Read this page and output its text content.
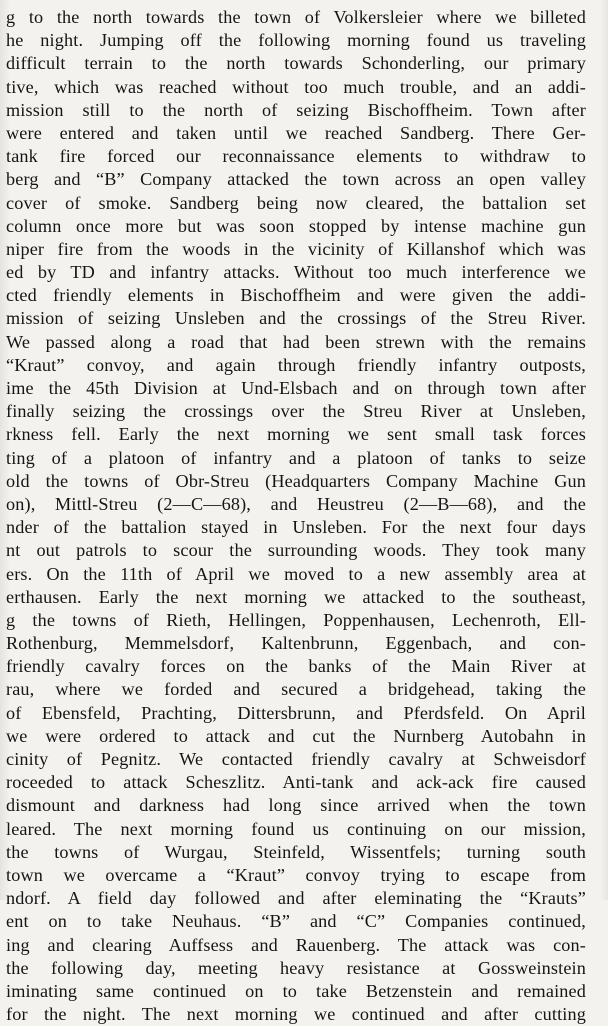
g to the north towards the town of Volkersleier where we billeted
he night. Jumping off the following morning found us traveling
difficult terrain to the north towards Schonderling, our primary
tive, which was reached without too much trouble, and an addi-
mission still to the north of seizing Bischoffheim. Town after
were entered and taken until we reached Sandberg. There Ger-
tank fire forced our reconnaissance elements to withdraw to
berg and “B” Company attacked the town across an open valley
cover of smoke. Sandberg being now cleared, the battalion set
column once more but was soon stopped by intense machine gun
niper fire from the woods in the vicinity of Killanshof which was
ed by TD and infantry attacks. Without too much interference we
cted friendly elements in Bischoffheim and were given the addi-
mission of seizing Unsleben and the crossings of the Streu River.
We passed along a road that had been strewn with the remains
“Kraut” convoy, and again through friendly infantry outposts,
ime the 45th Division at Und-Elsbach and on through town after
finally seizing the crossings over the Streu River at Unsleben,
rkness fell. Early the next morning we sent small task forces
ting of a platoon of infantry and a platoon of tanks to seize
old the towns of Obr-Streu (Headquarters Company Machine Gun
on), Mittl-Streu (2—C—68), and Heustreu (2—B—68), and the
nder of the battalion stayed in Unsleben. For the next four days
nt out patrols to scour the surrounding woods. They took many
ers. On the 11th of April we moved to a new assembly area at
erthausen. Early the next morning we attacked to the southeast,
g the towns of Rieth, Hellingen, Poppenhausen, Lechenroth, Ell-
Rothenburg, Memmelsdorf, Kaltenbrunn, Eggenbach, and con-
friendly cavalry forces on the banks of the Main River at
rau, where we forded and secured a bridgehead, taking the
of Ebensfeld, Prachting, Dittersbrunn, and Pferdsfeld. On April
we were ordered to attack and cut the Nurnberg Autobahn in
cinity of Pegnitz. We contacted friendly cavalry at Schweisdorf
roceeded to attack Scheszlitz. Anti-tank and ack-ack fire caused
dismount and darkness had long since arrived when the town
leared. The next morning found us continuing on our mission,
the towns of Wurgau, Steinfeld, Wissentfels; turning south
town we overcame a “Kraut” convoy trying to escape from
ndorf. A field day followed and after eleminating the “Krauts”
ent on to take Neuhaus. “B” and “C” Companies continued,
ing and clearing Auffsess and Rauenberg. The attack was con-
the following day, meeting heavy resistance at Gossweinstein
iminating same continued on to take Betzenstein and remained
for the night. The next morning we continued and after cutting
